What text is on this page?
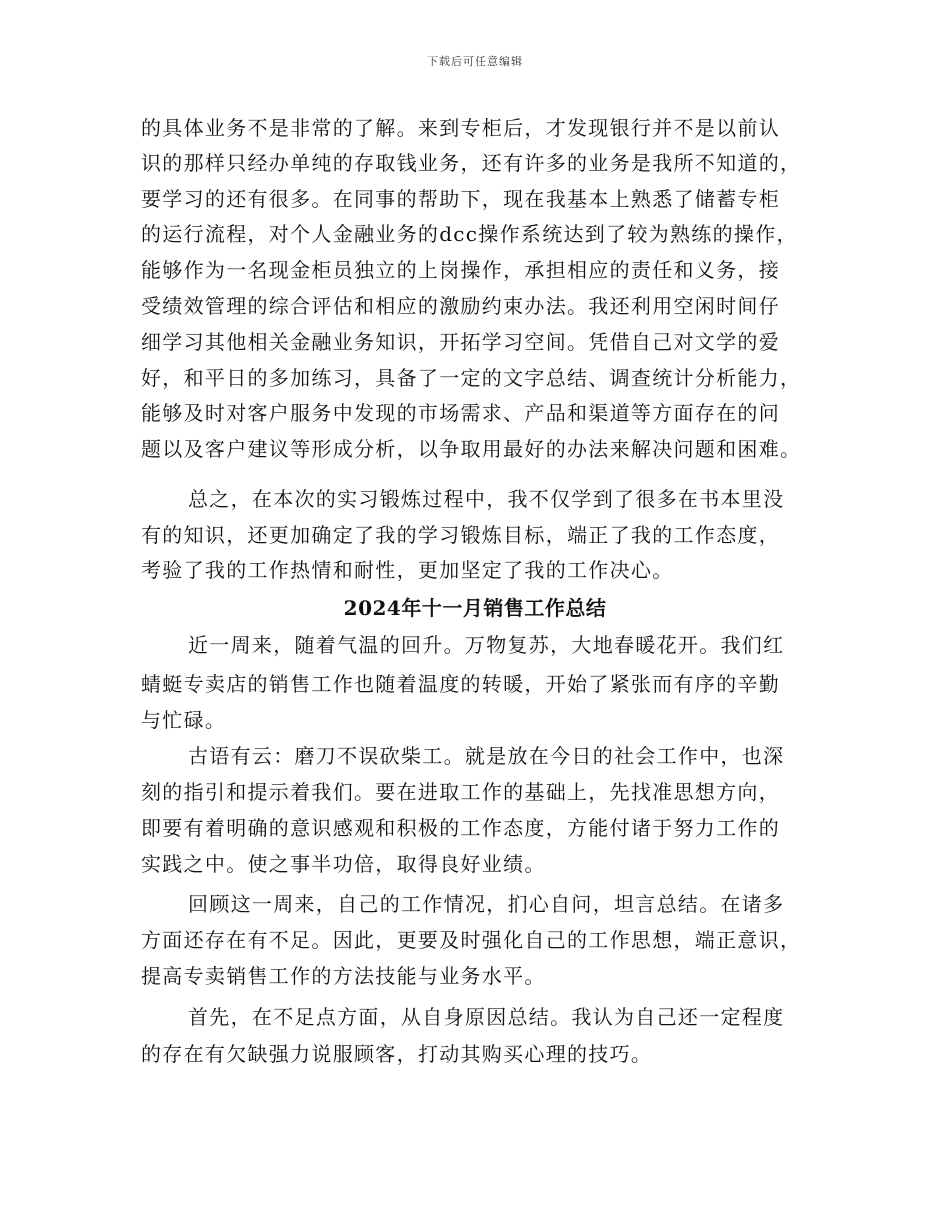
下载后可任意编辑
的具体业务不是非常的了解。来到专柜后，才发现银行并不是以前认
识的那样只经办单纯的存取钱业务，还有许多的业务是我所不知道的，
要学习的还有很多。在同事的帮助下，现在我基本上熟悉了储蓄专柜
的运行流程，对个人金融业务的dcc操作系统达到了较为熟练的操作，
能够作为一名现金柜员独立的上岗操作，承担相应的责任和义务，接
受绩效管理的综合评估和相应的激励约束办法。我还利用空闲时间仔
细学习其他相关金融业务知识，开拓学习空间。凭借自己对文学的爱
好，和平日的多加练习，具备了一定的文字总结、调查统计分析能力，
能够及时对客户服务中发现的市场需求、产品和渠道等方面存在的问
题以及客户建议等形成分析，以争取用最好的办法来解决问题和困难。
总之，在本次的实习锻炼过程中，我不仅学到了很多在书本里没
有的知识，还更加确定了我的学习锻炼目标，端正了我的工作态度，
考验了我的工作热情和耐性，更加坚定了我的工作决心。
2024年十一月销售工作总结
近一周来，随着气温的回升。万物复苏，大地春暖花开。我们红
蜻蜓专卖店的销售工作也随着温度的转暖，开始了紧张而有序的辛勤
与忙碌。
古语有云：磨刀不误砍柴工。就是放在今日的社会工作中，也深
刻的指引和提示着我们。要在进取工作的基础上，先找准思想方向，
即要有着明确的意识感观和积极的工作态度，方能付诸于努力工作的
实践之中。使之事半功倍，取得良好业绩。
回顾这一周来，自己的工作情况，扪心自问，坦言总结。在诸多
方面还存在有不足。因此，更要及时强化自己的工作思想，端正意识，
提高专卖销售工作的方法技能与业务水平。
首先，在不足点方面，从自身原因总结。我认为自己还一定程度
的存在有欠缺强力说服顾客，打动其购买心理的技巧。
